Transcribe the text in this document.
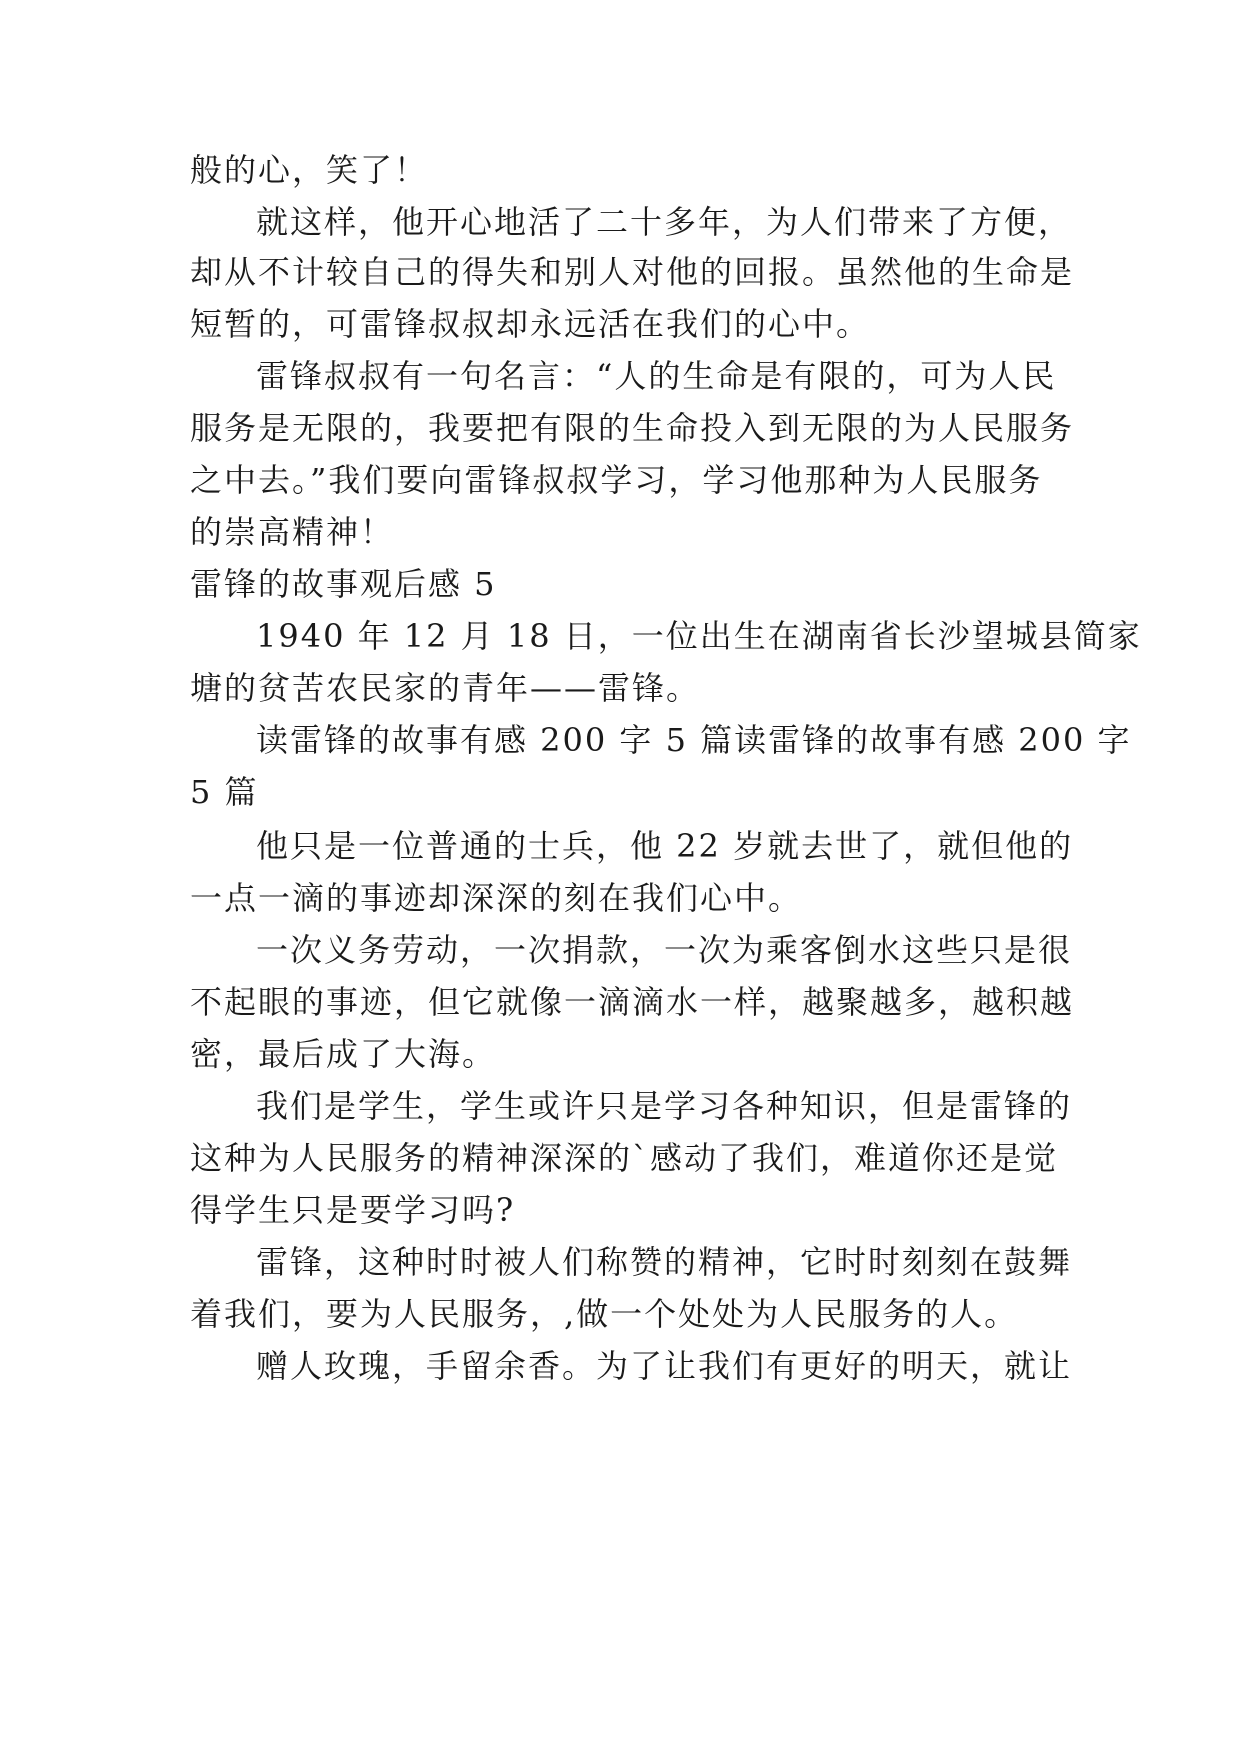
般的心，笑了！
就这样，他开心地活了二十多年，为人们带来了方便，
却从不计较自己的得失和别人对他的回报。虽然他的生命是
短暂的，可雷锋叔叔却永远活在我们的心中。
雷锋叔叔有一句名言：“人的生命是有限的，可为人民
服务是无限的，我要把有限的生命投入到无限的为人民服务
之中去。”我们要向雷锋叔叔学习，学习他那种为人民服务
的崇高精神！
雷锋的故事观后感 5
1940 年 12 月 18 日，一位出生在湖南省长沙望城县简家
塘的贫苦农民家的青年——雷锋。
读雷锋的故事有感 200 字 5 篇读雷锋的故事有感 200 字
5 篇
他只是一位普通的士兵，他 22 岁就去世了，就但他的
一点一滴的事迹却深深的刻在我们心中。
一次义务劳动，一次捐款，一次为乘客倒水这些只是很
不起眼的事迹，但它就像一滴滴水一样，越聚越多，越积越
密，最后成了大海。
我们是学生，学生或许只是学习各种知识，但是雷锋的
这种为人民服务的精神深深的`感动了我们，难道你还是觉
得学生只是要学习吗?
雷锋，这种时时被人们称赞的精神，它时时刻刻在鼓舞
着我们，要为人民服务，,做一个处处为人民服务的人。
赠人玫瑰，手留余香。为了让我们有更好的明天，就让
